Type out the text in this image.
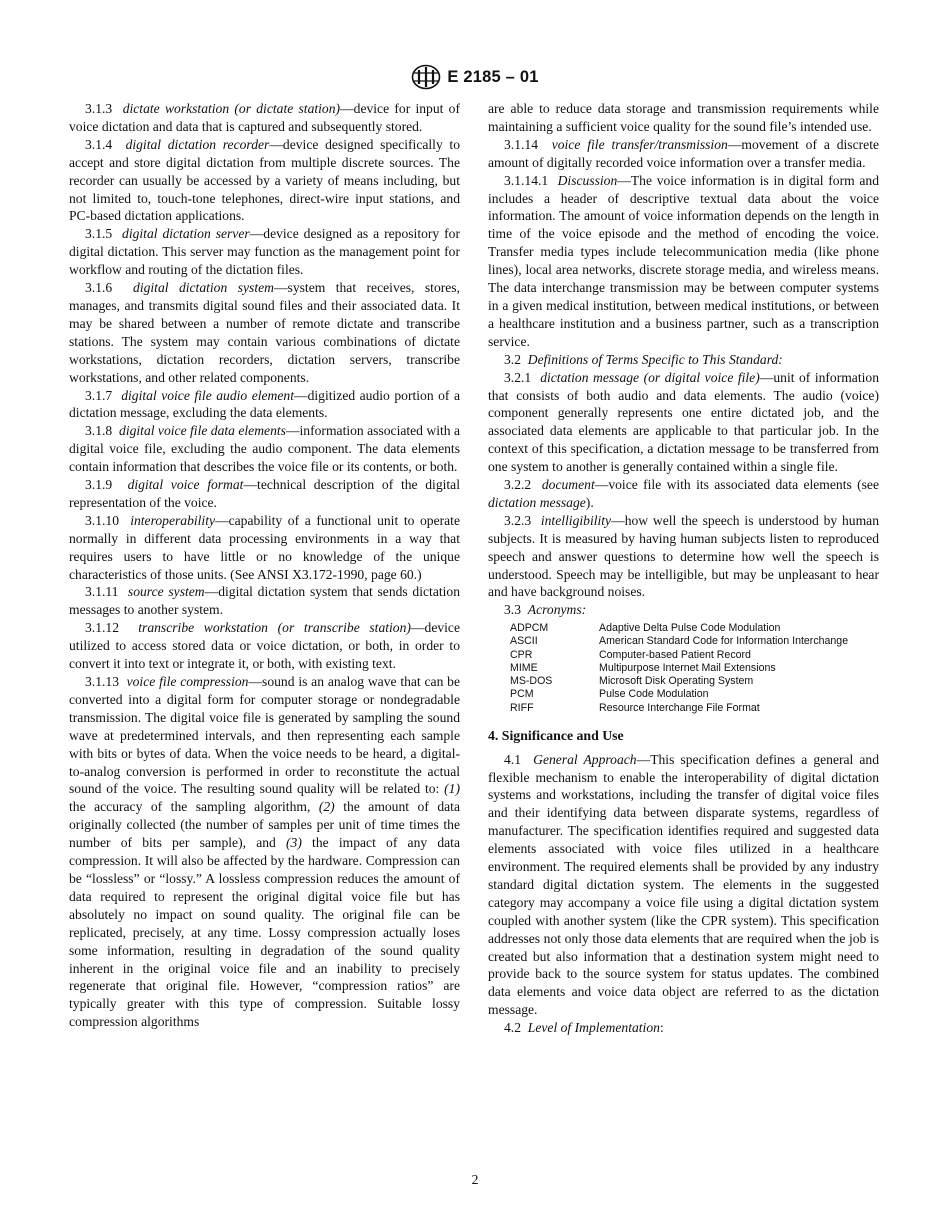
E 2185 – 01

3.1.3 dictate workstation (or dictate station)—device for input of voice dictation and data that is captured and subsequently stored.

3.1.4 digital dictation recorder—device designed specifically to accept and store digital dictation from multiple discrete sources. The recorder can usually be accessed by a variety of means including, but not limited to, touch-tone telephones, direct-wire input stations, and PC-based dictation applications.

3.1.5 digital dictation server—device designed as a repository for digital dictation. This server may function as the management point for workflow and routing of the dictation files.

3.1.6 digital dictation system—system that receives, stores, manages, and transmits digital sound files and their associated data. It may be shared between a number of remote dictate and transcribe stations. The system may contain various combinations of dictate workstations, dictation recorders, dictation servers, transcribe workstations, and other related components.

3.1.7 digital voice file audio element—digitized audio portion of a dictation message, excluding the data elements.

3.1.8 digital voice file data elements—information associated with a digital voice file, excluding the audio component. The data elements contain information that describes the voice file or its contents, or both.

3.1.9 digital voice format—technical description of the digital representation of the voice.

3.1.10 interoperability—capability of a functional unit to operate normally in different data processing environments in a way that requires users to have little or no knowledge of the unique characteristics of those units. (See ANSI X3.172-1990, page 60.)

3.1.11 source system—digital dictation system that sends dictation messages to another system.

3.1.12 transcribe workstation (or transcribe station)—device utilized to access stored data or voice dictation, or both, in order to convert it into text or integrate it, or both, with existing text.

3.1.13 voice file compression—sound is an analog wave that can be converted into a digital form for computer storage or nondegradable transmission. The digital voice file is generated by sampling the sound wave at predetermined intervals, and then representing each sample with bits or bytes of data. When the voice needs to be heard, a digital-to-analog conversion is performed in order to reconstitute the actual sound of the voice. The resulting sound quality will be related to: (1) the accuracy of the sampling algorithm, (2) the amount of data originally collected (the number of samples per unit of time times the number of bits per sample), and (3) the impact of any data compression. It will also be affected by the hardware. Compression can be “lossless” or “lossy.” A lossless compression reduces the amount of data required to represent the original digital voice file but has absolutely no impact on sound quality. The original file can be replicated, precisely, at any time. Lossy compression actually loses some information, resulting in degradation of the sound quality inherent in the original voice file and an inability to precisely regenerate that original file. However, “compression ratios” are typically greater with this type of compression. Suitable lossy compression algorithms

are able to reduce data storage and transmission requirements while maintaining a sufficient voice quality for the sound file’s intended use.

3.1.14 voice file transfer/transmission—movement of a discrete amount of digitally recorded voice information over a transfer media.

3.1.14.1 Discussion—The voice information is in digital form and includes a header of descriptive textual data about the voice information. The amount of voice information depends on the length in time of the voice episode and the method of encoding the voice. Transfer media types include telecommunication media (like phone lines), local area networks, discrete storage media, and wireless means. The data interchange transmission may be between computer systems in a given medical institution, between medical institutions, or between a healthcare institution and a business partner, such as a transcription service.

3.2 Definitions of Terms Specific to This Standard:

3.2.1 dictation message (or digital voice file)—unit of information that consists of both audio and data elements. The audio (voice) component generally represents one entire dictated job, and the associated data elements are applicable to that particular job. In the context of this specification, a dictation message to be transferred from one system to another is generally contained within a single file.

3.2.2 document—voice file with its associated data elements (see dictation message).

3.2.3 intelligibility—how well the speech is understood by human subjects. It is measured by having human subjects listen to reproduced speech and answer questions to determine how well the speech is understood. Speech may be intelligible, but may be unpleasant to hear and have background noises.

3.3 Acronyms:

ADPCM	Adaptive Delta Pulse Code Modulation
ASCII	American Standard Code for Information Interchange
CPR	Computer-based Patient Record
MIME	Multipurpose Internet Mail Extensions
MS-DOS	Microsoft Disk Operating System
PCM	Pulse Code Modulation
RIFF	Resource Interchange File Format
4. Significance and Use

4.1 General Approach—This specification defines a general and flexible mechanism to enable the interoperability of digital dictation systems and workstations, including the transfer of digital voice files and their identifying data between disparate systems, regardless of manufacturer. The specification identifies required and suggested data elements associated with voice files utilized in a healthcare environment. The required elements shall be provided by any industry standard digital dictation system. The elements in the suggested category may accompany a voice file using a digital dictation system coupled with another system (like the CPR system). This specification addresses not only those data elements that are required when the job is created but also information that a destination system might need to provide back to the source system for status updates. The combined data elements and voice data object are referred to as the dictation message.

4.2 Level of Implementation:

2
